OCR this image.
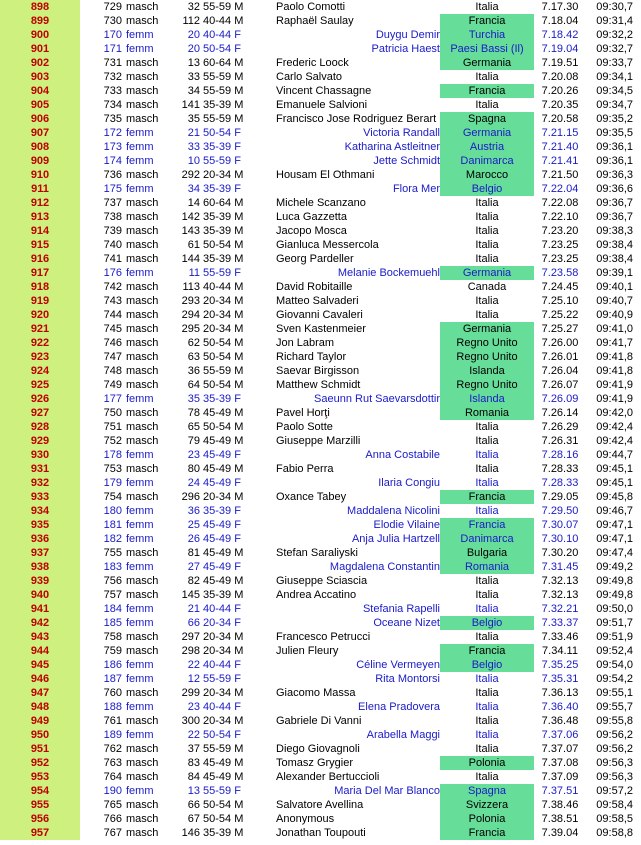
898		729	masch	32	55-59 M	Paolo Comotti	Italia	7.17.30	09:30,7
899		730	masch	112	40-44 M	Raphaël Saulay	Francia	7.18.04	09:31,4
900		170	femm	20	40-44 F	Duygu Demir	Turchia	7.18.42	09:32,2
901		171	femm	20	50-54 F	Patricia Haest	Paesi Bassi (Il)	7.19.04	09:32,7
902		731	masch	13	60-64 M	Frederic Loock	Germania	7.19.51	09:33,7
903		732	masch	33	55-59 M	Carlo Salvato	Italia	7.20.08	09:34,1
904		733	masch	34	55-59 M	Vincent Chassagne	Francia	7.20.26	09:34,5
905		734	masch	141	35-39 M	Emanuele Salvioni	Italia	7.20.35	09:34,7
906		735	masch	35	55-59 M	Francisco Jose Rodriguez Berart	Spagna	7.20.58	09:35,2
907		172	femm	21	50-54 F	Victoria Randall	Germania	7.21.15	09:35,5
908		173	femm	33	35-39 F	Katharina Astleitner	Austria	7.21.40	09:36,1
909		174	femm	10	55-59 F	Jette Schmidt	Danimarca	7.21.41	09:36,1
910		736	masch	292	20-34 M	Housam El Othmani	Marocco	7.21.50	09:36,3
911		175	femm	34	35-39 F	Flora Mer	Belgio	7.22.04	09:36,6
912		737	masch	14	60-64 M	Michele Scanzano	Italia	7.22.08	09:36,7
913		738	masch	142	35-39 M	Luca Gazzetta	Italia	7.22.10	09:36,7
914		739	masch	143	35-39 M	Jacopo Mosca	Italia	7.23.20	09:38,3
915		740	masch	61	50-54 M	Gianluca Messercola	Italia	7.23.25	09:38,4
916		741	masch	144	35-39 M	Georg Pardeller	Italia	7.23.25	09:38,4
917		176	femm	11	55-59 F	Melanie Bockemuehl	Germania	7.23.58	09:39,1
918		742	masch	113	40-44 M	David Robitaille	Canada	7.24.45	09:40,1
919		743	masch	293	20-34 M	Matteo Salvaderi	Italia	7.25.10	09:40,7
920		744	masch	294	20-34 M	Giovanni Cavaleri	Italia	7.25.22	09:40,9
921		745	masch	295	20-34 M	Sven Kastenmeier	Germania	7.25.27	09:41,0
922		746	masch	62	50-54 M	Jon Labram	Regno Unito	7.26.00	09:41,7
923		747	masch	63	50-54 M	Richard Taylor	Regno Unito	7.26.01	09:41,8
924		748	masch	36	55-59 M	Saevar Birgisson	Islanda	7.26.04	09:41,8
925		749	masch	64	50-54 M	Matthew Schmidt	Regno Unito	7.26.07	09:41,9
926		177	femm	35	35-39 F	Saeunn Rut Saevarsdottir	Islanda	7.26.09	09:41,9
927		750	masch	78	45-49 M	Pavel Horţi	Romania	7.26.14	09:42,0
928		751	masch	65	50-54 M	Paolo Sotte	Italia	7.26.29	09:42,4
929		752	masch	79	45-49 M	Giuseppe Marzilli	Italia	7.26.31	09:42,4
930		178	femm	23	45-49 F	Anna Costabile	Italia	7.28.16	09:44,7
931		753	masch	80	45-49 M	Fabio Perra	Italia	7.28.33	09:45,1
932		179	femm	24	45-49 F	Ilaria Congiu	Italia	7.28.33	09:45,1
933		754	masch	296	20-34 M	Oxance Tabey	Francia	7.29.05	09:45,8
934		180	femm	36	35-39 F	Maddalena Nicolini	Italia	7.29.50	09:46,7
935		181	femm	25	45-49 F	Elodie Vilaine	Francia	7.30.07	09:47,1
936		182	femm	26	45-49 F	Anja Julia Hartzell	Danimarca	7.30.10	09:47,1
937		755	masch	81	45-49 M	Stefan Saraliyski	Bulgaria	7.30.20	09:47,4
938		183	femm	27	45-49 F	Magdalena Constantin	Romania	7.31.45	09:49,2
939		756	masch	82	45-49 M	Giuseppe Sciascia	Italia	7.32.13	09:49,8
940		757	masch	145	35-39 M	Andrea Accatino	Italia	7.32.13	09:49,8
941		184	femm	21	40-44 F	Stefania Rapelli	Italia	7.32.21	09:50,0
942		185	femm	66	20-34 F	Oceane Nizet	Belgio	7.33.37	09:51,7
943		758	masch	297	20-34 M	Francesco Petrucci	Italia	7.33.46	09:51,9
944		759	masch	298	20-34 M	Julien Fleury	Francia	7.34.11	09:52,4
945		186	femm	22	40-44 F	Céline Vermeyen	Belgio	7.35.25	09:54,0
946		187	femm	12	55-59 F	Rita Montorsi	Italia	7.35.31	09:54,2
947		760	masch	299	20-34 M	Giacomo Massa	Italia	7.36.13	09:55,1
948		188	femm	23	40-44 F	Elena Pradovera	Italia	7.36.40	09:55,7
949		761	masch	300	20-34 M	Gabriele Di Vanni	Italia	7.36.48	09:55,8
950		189	femm	22	50-54 F	Arabella Maggi	Italia	7.37.06	09:56,2
951		762	masch	37	55-59 M	Diego Giovagnoli	Italia	7.37.07	09:56,2
952		763	masch	83	45-49 M	Tomasz Grygier	Polonia	7.37.08	09:56,3
953		764	masch	84	45-49 M	Alexander Bertuccioli	Italia	7.37.09	09:56,3
954		190	femm	13	55-59 F	Maria Del Mar Blanco	Spagna	7.37.51	09:57,2
955		765	masch	66	50-54 M	Salvatore Avellina	Svizzera	7.38.46	09:58,4
956		766	masch	67	50-54 M	Anonymous	Polonia	7.38.51	09:58,5
957		767	masch	146	35-39 M	Jonathan Toupouti	Francia	7.39.04	09:58,8
